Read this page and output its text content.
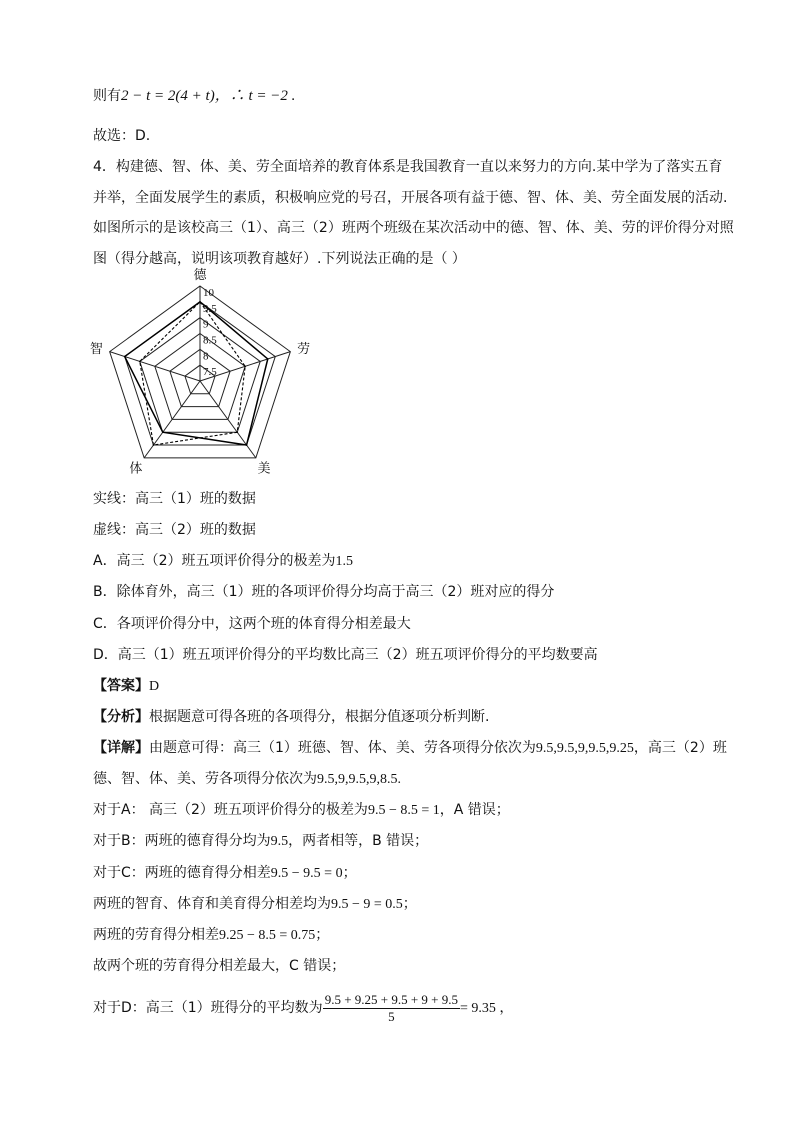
则有2 − t = 2(4 + t)，∴ t = −2 .
故选：D.
4．构建德、智、体、美、劳全面培养的教育体系是我国教育一直以来努力的方向.某中学为了落实五育
并举，全面发展学生的素质，积极响应党的号召，开展各项有益于德、智、体、美、劳全面发展的活动.
如图所示的是该校高三（1）、高三（2）班两个班级在某次活动中的德、智、体、美、劳的评价得分对照
图（得分越高，说明该项教育越好）.下列说法正确的是（ ）
7.5
8
8.5
9
9.5
10
德
劳
美
体
智
实线：高三（1）班的数据
虚线：高三（2）班的数据
A．高三（2）班五项评价得分的极差为1.5
B．除体育外，高三（1）班的各项评价得分均高于高三（2）班对应的得分
C．各项评价得分中，这两个班的体育得分相差最大
D．高三（1）班五项评价得分的平均数比高三（2）班五项评价得分的平均数要高
【答案】D
【分析】根据题意可得各班的各项得分，根据分值逐项分析判断.
【详解】由题意可得：高三（1）班德、智、体、美、劳各项得分依次为9.5,9.5,9,9.5,9.25，高三（2）班
德、智、体、美、劳各项得分依次为9.5,9,9.5,9,8.5.
对于A： 高三（2）班五项评价得分的极差为9.5 − 8.5 = 1，A 错误；
对于B：两班的德育得分均为9.5，两者相等，B 错误；
对于C：两班的德育得分相差9.5 − 9.5 = 0；
两班的智育、体育和美育得分相差均为9.5 − 9 = 0.5；
两班的劳育得分相差9.25 − 8.5 = 0.75；
故两个班的劳育得分相差最大，C 错误；
对于D：高三（1）班得分的平均数为 $\frac{9.5 + 9.25 + 9.5 + 9 + 9.5}{5} = 9.35$ ，
